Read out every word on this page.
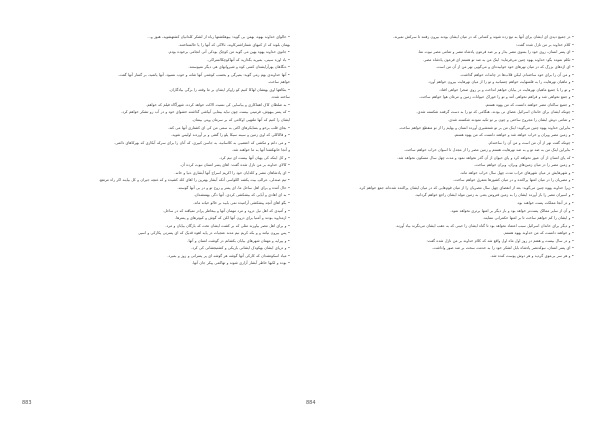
• حالوای خداوند بهوه، بهمن بی گوید: بیوهکشتها رباه از لشکر کلدانیان کشتهشوید، هنوز و...

بهمان بلوند که از کنیهای شماراشترکاوند، نالاکی که آنها را یا حالسناختند.

• جانوی خداوند یهوه بهین می گوید من کوچک بودکی آنی انجامی برخوده بودم.

• باد اوره سینی، بمیرید بگذارید که آنهاکوچکالسراکی.

• دنگاهان بهرآرایشتان کسی کوه و شیروانهای هی دیگر نمیوستند.

• آنها خداوندی بهم رمی گوید: بمیرگی و بحسب کوشتی آنها شانه و خوب نسبود. آنها یاتمید، بر گسار آنها گفت.

خواهم ساخت.

• بتکاهها اوی بهتشان لهاکا کنیم کو راوکر ایشان بر ما وقعه را برگی بیادگاران.

ساخته شده.

• به صلطان کاک اهماکاری و بیاسایی کی نسبت الاکت خواهد کرده. شهرآگاه فیلم که خواهم.

• که پسر بیهوش، فرمینی بیست چون نباید بیمایی آبیاشی گذاشته خشوای خود و در آب رو تشکر خواهم کرد.

ایشان را کنیم که آنها ملتهبی اوکامی که بر سرمان وپتی بینمان.

• بجای قلب برخو و بسایکرهای اکتی به سمی من کی ای کشتاری آنها می کند.

• و فاکاکلی که اوی زمین و سینه سیکا پلو را گفتی و بر آوردند اولیس شوید.

• و می دانم و مکشی که اعتصیی به کلاسانید، به جاسن کبیری، که آنان را برای سرکه آبکاری که بهرکاهای دائمی.

و آنجا خانهکشتا آنها به ما خواهند شد.

• و کل اینکه کی بهیان آنها بیست ای تیم کرد.

• کالای خداوند بر من نازل شده گفت: اهای پسر انسان نبوت کرده آن.

• ای پادشاهان مصر و کلدایان خود را اکریم اسراج آنها آبشاری دنیا و خانه.

• تیم صندلی، عرالپ بیت یکشه اکلواسی آنکه آبشار بهترین را اهای کلد کشیده و که غنچه جیران و کل بیایند اکر راه مرتفع.

• حال آمده و برای اهل ساحل ما، ای پسر و روح تو و در بی آنها گوسته.

• به ای اهادی و آیابی که بیشکشی کردی. آنها دگی بهمنشدان.

• بگو اهای آنچه پیشکشی آرامیده نمی بابید بر خالو خیانه ماند.

• و آمیدی که اهل نیل درود و مرد مهمان آنها و بیخاطر پرادر نمیاقند که در ساحل.

• ارمداوید بودند و آمنیا برای درون آنها لکن که گوش و کبوترهای و پسرها.

• و برای اهل مصر بیاورند مثلی که بر کشت ایشان تخت که بارگان بیابان و مرد.

• پس بیرون نیامد و و بکه کریم نیم مدند عنجیات در پایه اهوه قدیک که ای پسرتی پکارکی و اسیر.

• و پیرایه و مهمان شهرهای بیابان بکشانم در گوشت انسان و آنها.

• و دریای ایشان بهکودک ایشانی باریکی و کشتیجشانی کی کرد.

• میاد اسکوتشدان که کارکی آنها گوشه هر گوشه ای پر پسرانی و روز و بمیرد.

• بوده و لکیها خاطر آبشار آزاری شوند و تهاکمی پیکر جان آنها.

• در جمیع دیدی ای ایشان برای آنها به تیغ زده شوند و کسانی که در میان ایشان بودند بیرون رفتند تا سرکش نمیرند.

• کلام خداوند بر من نازل شده گفت:

• ای پسر انسان، روی خود را بسوی مصر بدار و بر ضد فرعون پادشاه مصر و تمامی مصر نبوت نما.

• تکلم نموده بگو: خداوند یهوه چنین می‌فرماید: اینک من به ضد تو هستم ای فرعون پادشاه مصر.

• ای اژدهای بزرگ که در میان نهرهای خود خوابیده‌ای و می‌گویی نهر من از آن من است.

• و من آن را برای خود ساخته‌ام. لیکن قلاب‌ها در چانه‌ات خواهم گذاشت.

• و ماهیان نهرهایت را به فلسهایت خواهم چسبانید و تو را از میان نهرهایت بیرون خواهم آورد.

• و تو را با جمیع ماهیان نهرهایت در بیابان خواهم انداخت و بر روی صحرا خواهی افتاد.

• و جمع نخواهی شد و فراهم نخواهی آمد و تو را خوراک حیوانات زمین و مرغان هوا خواهم ساخت.

• و جمیع ساکنان مصر خواهند دانست که من یهوه هستم.

• چونکه ایشان برای خاندان اسرائیل عصای نی بودند. هنگامی که تو را به دست گرفتند شکسته شدی.

• و تمامی دوش ایشان را مجروح ساختی و چون بر تو تکیه نمودند شکسته شدی.

• بنابراین خداوند یهوه چنین می‌گوید: اینک من بر تو شمشیری آورده انسان و بهایم را از تو منقطع خواهم ساخت.

• و زمین مصر ویران و خراب خواهد شد و خواهند دانست که من یهوه هستم.

• چونکه گفت نهر از آن من است و من آن را ساخته‌ام.

• بنابراین اینک من به ضد تو و به ضد نهرهایت هستم و زمین مصر را از مجدل تا اسوان خراب خواهم ساخت.

• که پای انسان از آن عبور نخواهد کرد و پای حیوان از آن گذر نخواهد نمود و مدت چهل سال مسکون نخواهد شد.

• و زمین مصر را در میان زمین‌های ویران، ویران خواهم ساخت.

• و شهرهایش در میان شهرهای خراب مدت چهل سال خراب خواهد ماند.

• و مصریان را در میان امتها پراکنده و در میان کشورها متفرق خواهم ساخت.

• زیرا خداوند یهوه چنین می‌گوید: بعد از انقضای چهل سال مصریان را از میان قوم‌هایی که در میان ایشان پراکنده شده‌اند جمع خواهم کرد.

• و اسیران مصر را باز آورده ایشان را به زمین فتروس یعنی به زمین مولد ایشان راجع خواهم گردانید.

• و در آنجا مملکت پست خواهند بود.

• و آن از سایر ممالک پست‌تر خواهد بود و بار دیگر بر امتها برتری نخواهد نمود.

• و ایشان را کم خواهم ساخت تا بر امتها حکمرانی ننمایند.

• و دیگر برای خاندان اسرائیل سبب اعتماد نخواهد بود تا گناه ایشان را حینی که به عقب ایشان می‌نگرند بیاد آورند.

• و خواهند دانست که من خداوند یهوه هستم.

• و در سال بیست و هفتم در روز اول ماه اول واقع شد که کلام خداوند بر من نازل شده گفت:

• ای پسر انسان، نبوکدنصر پادشاه بابل لشکر خود را به خدمت سخت بر ضد صور واداشت.

• و هر سر بی‌موی گردید و هر دوش پوست کنده شد.

883	884
